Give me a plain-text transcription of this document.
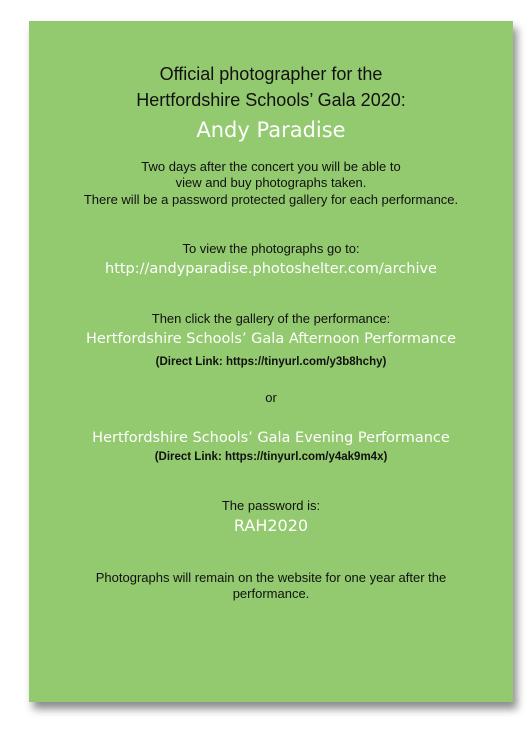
Official photographer for the

Hertfordshire Schools’ Gala 2020:

Andy Paradise

Two days after the concert you will be able to

view and buy photographs taken.

There will be a password protected gallery for each performance.

To view the photographs go to:

http://andyparadise.photoshelter.com/archive

Then click the gallery of the performance:

Hertfordshire Schools’ Gala Afternoon Performance

(Direct Link: https://tinyurl.com/y3b8hchy)

or

Hertfordshire Schools’ Gala Evening Performance

(Direct Link: https://tinyurl.com/y4ak9m4x)

The password is:

RAH2020

Photographs will remain on the website for one year after the

performance.
